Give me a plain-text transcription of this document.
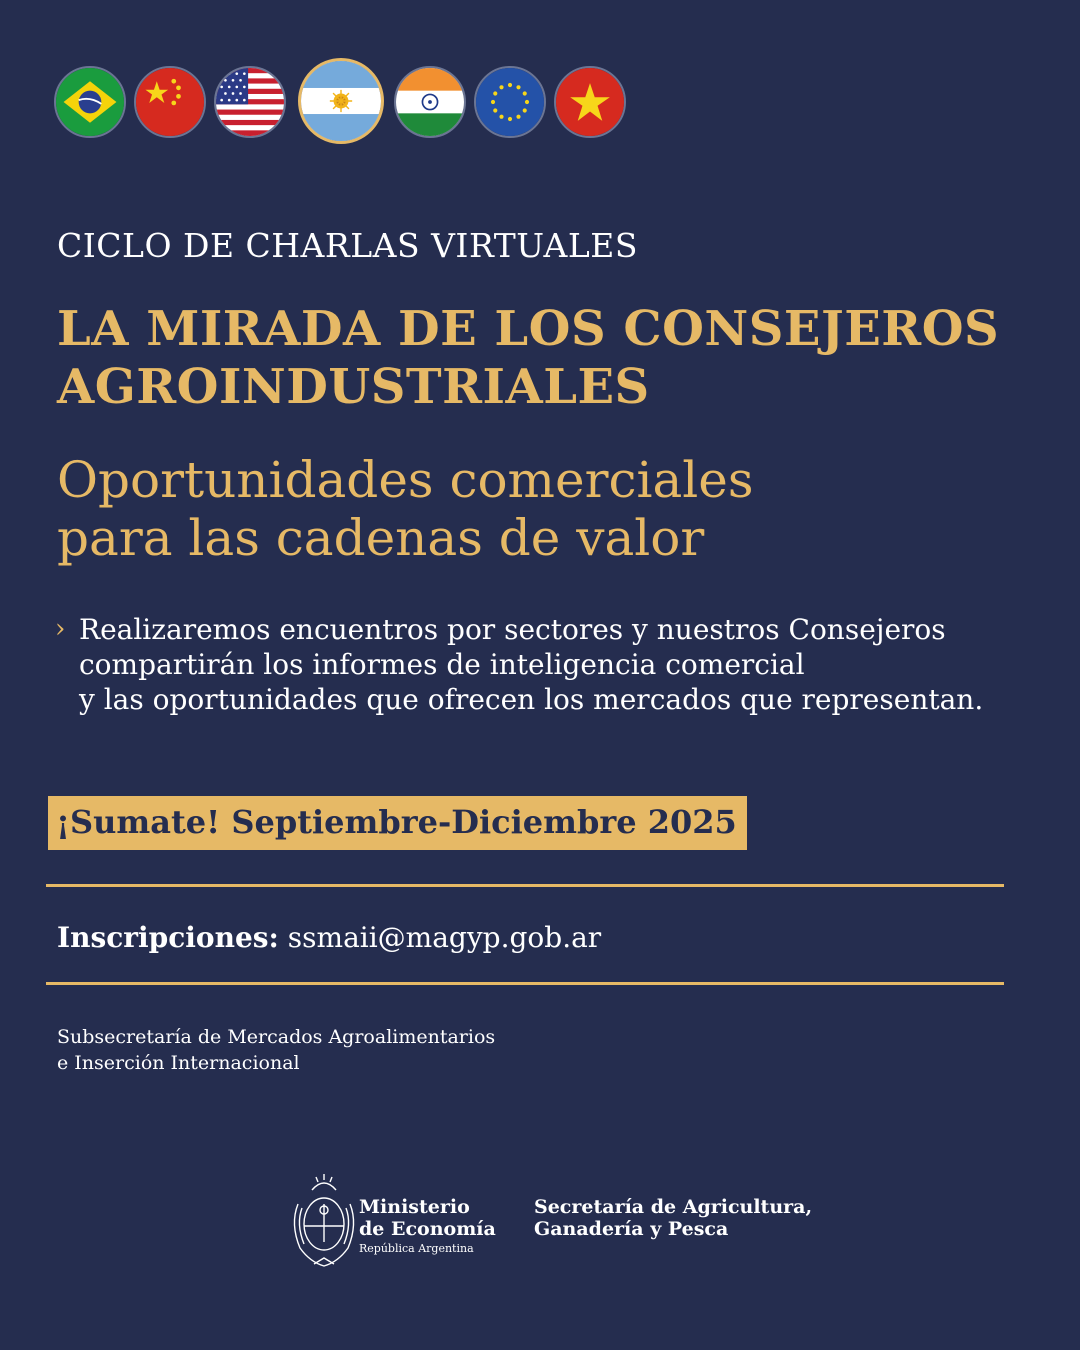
CICLO DE CHARLAS VIRTUALES
LA MIRADA DE LOS CONSEJEROS
AGROINDUSTRIALES
Oportunidades comerciales
para las cadenas de valor
› Realizaremos encuentros por sectores y nuestros Consejeros
compartirán los informes de inteligencia comercial
y las oportunidades que ofrecen los mercados que representan.
¡Sumate! Septiembre-Diciembre 2025
Inscripciones: ssmaii@magyp.gob.ar
Subsecretaría de Mercados Agroalimentarios
e Inserción Internacional
Ministerio
de Economía
República Argentina
Secretaría de Agricultura,
Ganadería y Pesca
